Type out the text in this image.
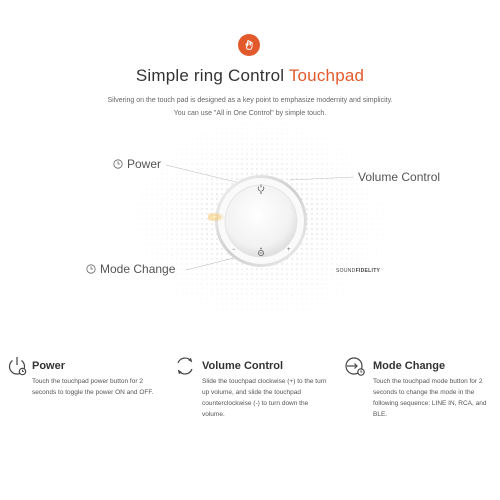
Simple ring Control Touchpad
Silvering on the touch pad is designed as a key point to emphasize modernity and simplicity.
You can use "All in One Control" by simple touch.
−	+
Power
Volume Control
Mode Change	SOUNDFIDELITY
Power
Touch the touchpad power button for 2 seconds to toggle the power ON and OFF.
Volume Control
Slide the touchpad clockwise (+) to the turn up volume, and slide the touchpad counterclockwise (-) to turn down the volume.
Mode Change
Touch the touchpad mode button for 2 seconds to change the mode in the following sequence: LINE IN, RCA, and BLE.
